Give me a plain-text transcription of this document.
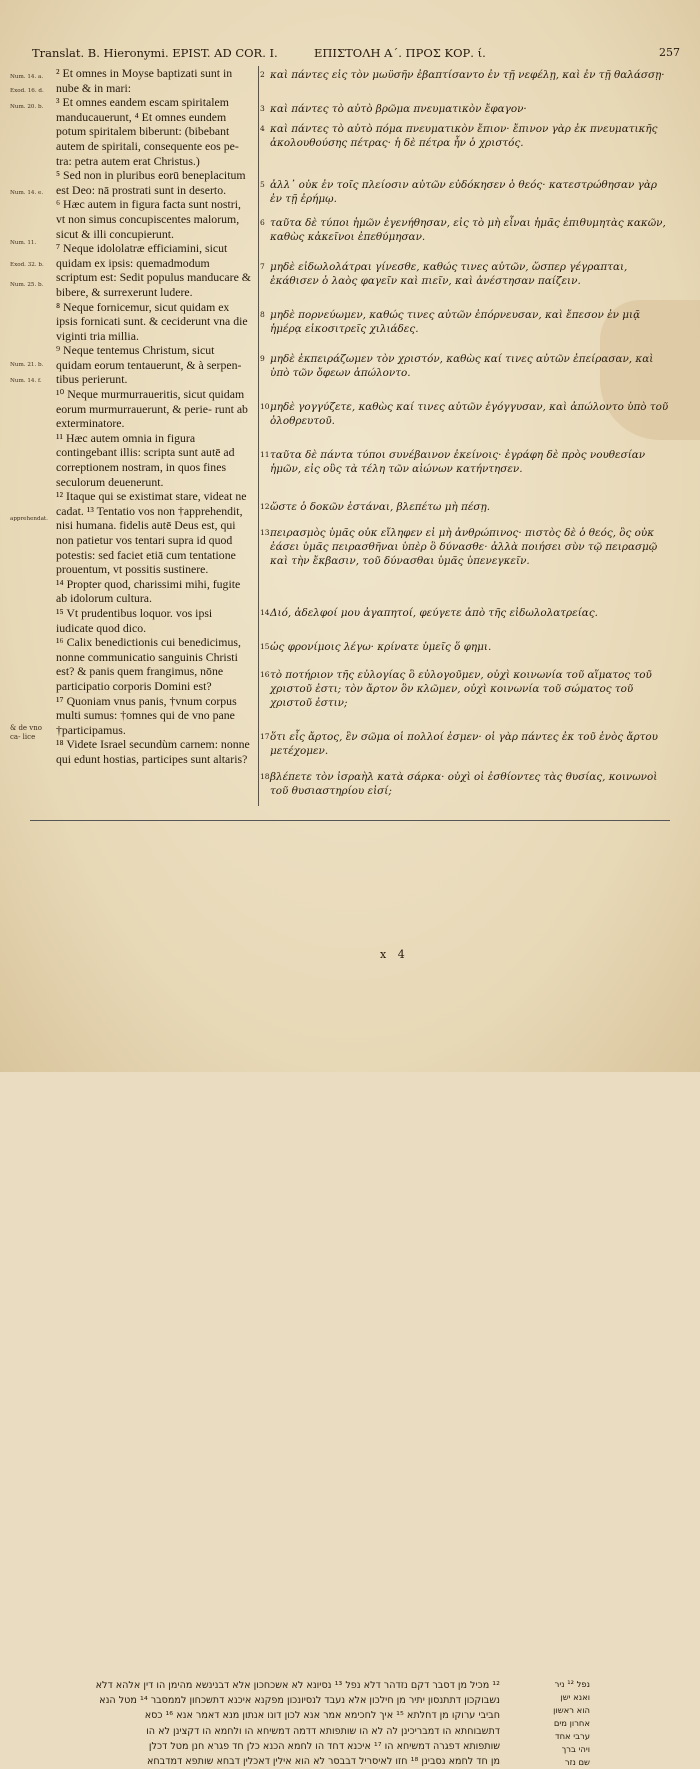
Translat. B. Hieronymi. EPIST. AD COR. I.	ΕΠΙΣΤΟΛΗ Α΄. ΠΡΟΣ ΚΟΡ. ί.	257
Num. 14. a.
Exod. 16. d.
Num. 20. b.
Num. 14. e.
Num. 11.
Exod. 32. b.
Num. 25. b.
Num. 21. b.
Num. 14. f.
apprehendat.
& de vno ca- lice

² Et omnes in Moyse baptizati sunt in nube & in mari:

³ Et omnes eandem escam spiritalem manducauerunt, ⁴ Et omnes eundem potum spiritalem biberunt: (bibebant autem de spiritali, consequente eos pe- tra: petra autem erat Christus.)

⁵ Sed non in pluribus eorū beneplacitum est Deo: nā prostrati sunt in deserto.

⁶ Hæc autem in figura facta sunt nostri, vt non simus concupiscentes malorum, sicut & illi concupierunt.

⁷ Neque idololatræ efficiamini, sicut quidam ex ipsis: quemadmodum scriptum est: Sedit populus manducare & bibere, & surrexerunt ludere.

⁸ Neque fornicemur, sicut quidam ex ipsis fornicati sunt. & ceciderunt vna die viginti tria millia.

⁹ Neque tentemus Christum, sicut quidam eorum tentauerunt, & à serpen- tibus perierunt.

¹⁰ Neque murmurraueritis, sicut quidam eorum murmurrauerunt, & perie- runt ab exterminatore.

¹¹ Hæc autem omnia in figura contingebant illis: scripta sunt autē ad correptionem nostram, in quos fines seculorum deuenerunt.

¹² Itaque qui se existimat stare, videat ne cadat. ¹³ Tentatio vos non †apprehendit, nisi humana. fidelis autē Deus est, qui non patietur vos tentari supra id quod potestis: sed faciet etiā cum tentatione prouentum, vt possitis sustinere.

¹⁴ Propter quod, charissimi mihi, fugite ab idolorum cultura.

¹⁵ Vt prudentibus loquor. vos ipsi iudicate quod dico.

¹⁶ Calix benedictionis cui benedicimus, nonne communicatio sanguinis Christi est? & panis quem frangimus, nōne participatio corporis Domini est?

¹⁷ Quoniam vnus panis, †vnum corpus multi sumus: †omnes qui de vno pane †participamus.

¹⁸ Videte Israel secundùm carnem: nonne qui edunt hostias, participes sunt altaris?

2 καὶ πάντες εἰς τὸν μωϋσῆν ἐβαπτίσαντο ἐν τῇ νεφέλῃ, καὶ ἐν τῇ θαλάσσῃ·
3 καὶ πάντες τὸ αὐτὸ βρῶμα πνευματικὸν ἔφαγον·
4 καὶ πάντες τὸ αὐτὸ πόμα πνευματικὸν ἔπιον· ἔπινον γὰρ ἐκ πνευματικῆς ἀκολουθούσης πέτρας· ἡ δὲ πέτρα ἦν ὁ χριστός.
5 ἀλλ᾽ οὐκ ἐν τοῖς πλείοσιν αὐτῶν εὐδόκησεν ὁ θεός· κατεστρώθησαν γὰρ ἐν τῇ ἐρήμῳ.
6 ταῦτα δὲ τύποι ἡμῶν ἐγενήθησαν, εἰς τὸ μὴ εἶναι ἡμᾶς ἐπιθυμητὰς κακῶν, καθὼς κἀκεῖνοι ἐπεθύμησαν.
7 μηδὲ εἰδωλολάτραι γίνεσθε, καθώς τινες αὐτῶν, ὥσπερ γέγραπται, ἐκάθισεν ὁ λαὸς φαγεῖν καὶ πιεῖν, καὶ ἀνέστησαν παίζειν.
8 μηδὲ πορνεύωμεν, καθώς τινες αὐτῶν ἐπόρνευσαν, καὶ ἔπεσον ἐν μιᾷ ἡμέρᾳ εἰκοσιτρεῖς χιλιάδες.
9 μηδὲ ἐκπειράζωμεν τὸν χριστόν, καθὼς καί τινες αὐτῶν ἐπείρασαν, καὶ ὑπὸ τῶν ὄφεων ἀπώλοντο.
10 μηδὲ γογγύζετε, καθὼς καί τινες αὐτῶν ἐγόγγυσαν, καὶ ἀπώλοντο ὑπὸ τοῦ ὀλοθρευτοῦ.
11 ταῦτα δὲ πάντα τύποι συνέβαινον ἐκείνοις· ἐγράφη δὲ πρὸς νουθεσίαν ἡμῶν, εἰς οὓς τὰ τέλη τῶν αἰώνων κατήντησεν.
12 ὥστε ὁ δοκῶν ἑστάναι, βλεπέτω μὴ πέσῃ.
13 πειρασμὸς ὑμᾶς οὐκ εἴληφεν εἰ μὴ ἀνθρώπινος· πιστὸς δὲ ὁ θεός, ὃς οὐκ ἐάσει ὑμᾶς πειρασθῆναι ὑπὲρ ὃ δύνασθε· ἀλλὰ ποιήσει σὺν τῷ πειρασμῷ καὶ τὴν ἔκβασιν, τοῦ δύνασθαι ὑμᾶς ὑπενεγκεῖν.
14 Διό, ἀδελφοί μου ἀγαπητοί, φεύγετε ἀπὸ τῆς εἰδωλολατρείας.
15 ὡς φρονίμοις λέγω· κρίνατε ὑμεῖς ὅ φημι.
16 τὸ ποτήριον τῆς εὐλογίας ὃ εὐλογοῦμεν, οὐχὶ κοινωνία τοῦ αἵματος τοῦ χριστοῦ ἐστι; τὸν ἄρτον ὃν κλῶμεν, οὐχὶ κοινωνία τοῦ σώματος τοῦ χριστοῦ ἐστιν;
17 ὅτι εἷς ἄρτος, ἓν σῶμα οἱ πολλοί ἐσμεν· οἱ γὰρ πάντες ἐκ τοῦ ἑνὸς ἄρτου μετέχομεν.
18 βλέπετε τὸν ἰσραὴλ κατὰ σάρκα· οὐχὶ οἱ ἐσθίοντες τὰς θυσίας, κοινωνοὶ τοῦ θυσιαστηρίου εἰσί;
¹² מכיל מן דסבר דקם נזדהר דלא נפל ¹³ נסיונא לא אשכחכון אלא דבנינשא מהימן הו דין אלהא דלא
נשבוקכון דתתנסון יתיר מן חילכון אלא נעבד לנסיונכון מפקנא איכנא דתשכחון לממסבר ¹⁴ מטל הנא
חביבי ערוקו מן דחלתא ¹⁵ איך לחכימא אמר אנא לכון דונו אנתון מנא דאמר אנא ¹⁶ כסא
דתשבוחתא הו דמבריכינן לה לא הו שותפותא דדמה דמשיחא הו ולחמא הו דקצינן לא הו
שותפותא דפגרה דמשיחא הו ¹⁷ איכנא דחד הו לחמא הכנא כלן חד פגרא חנן מטל דכלן
מן חד לחמא נסבינן ¹⁸ חזו לאיסריל דבבסר לא הוא אילין דאכלין דבחא שותפא דמדבחא
נפל ¹² ניר
ואנא ישן
הוא ראשון
אחרון מים
ערבי אחד
ויהי ברך
שם נזר
x 4
